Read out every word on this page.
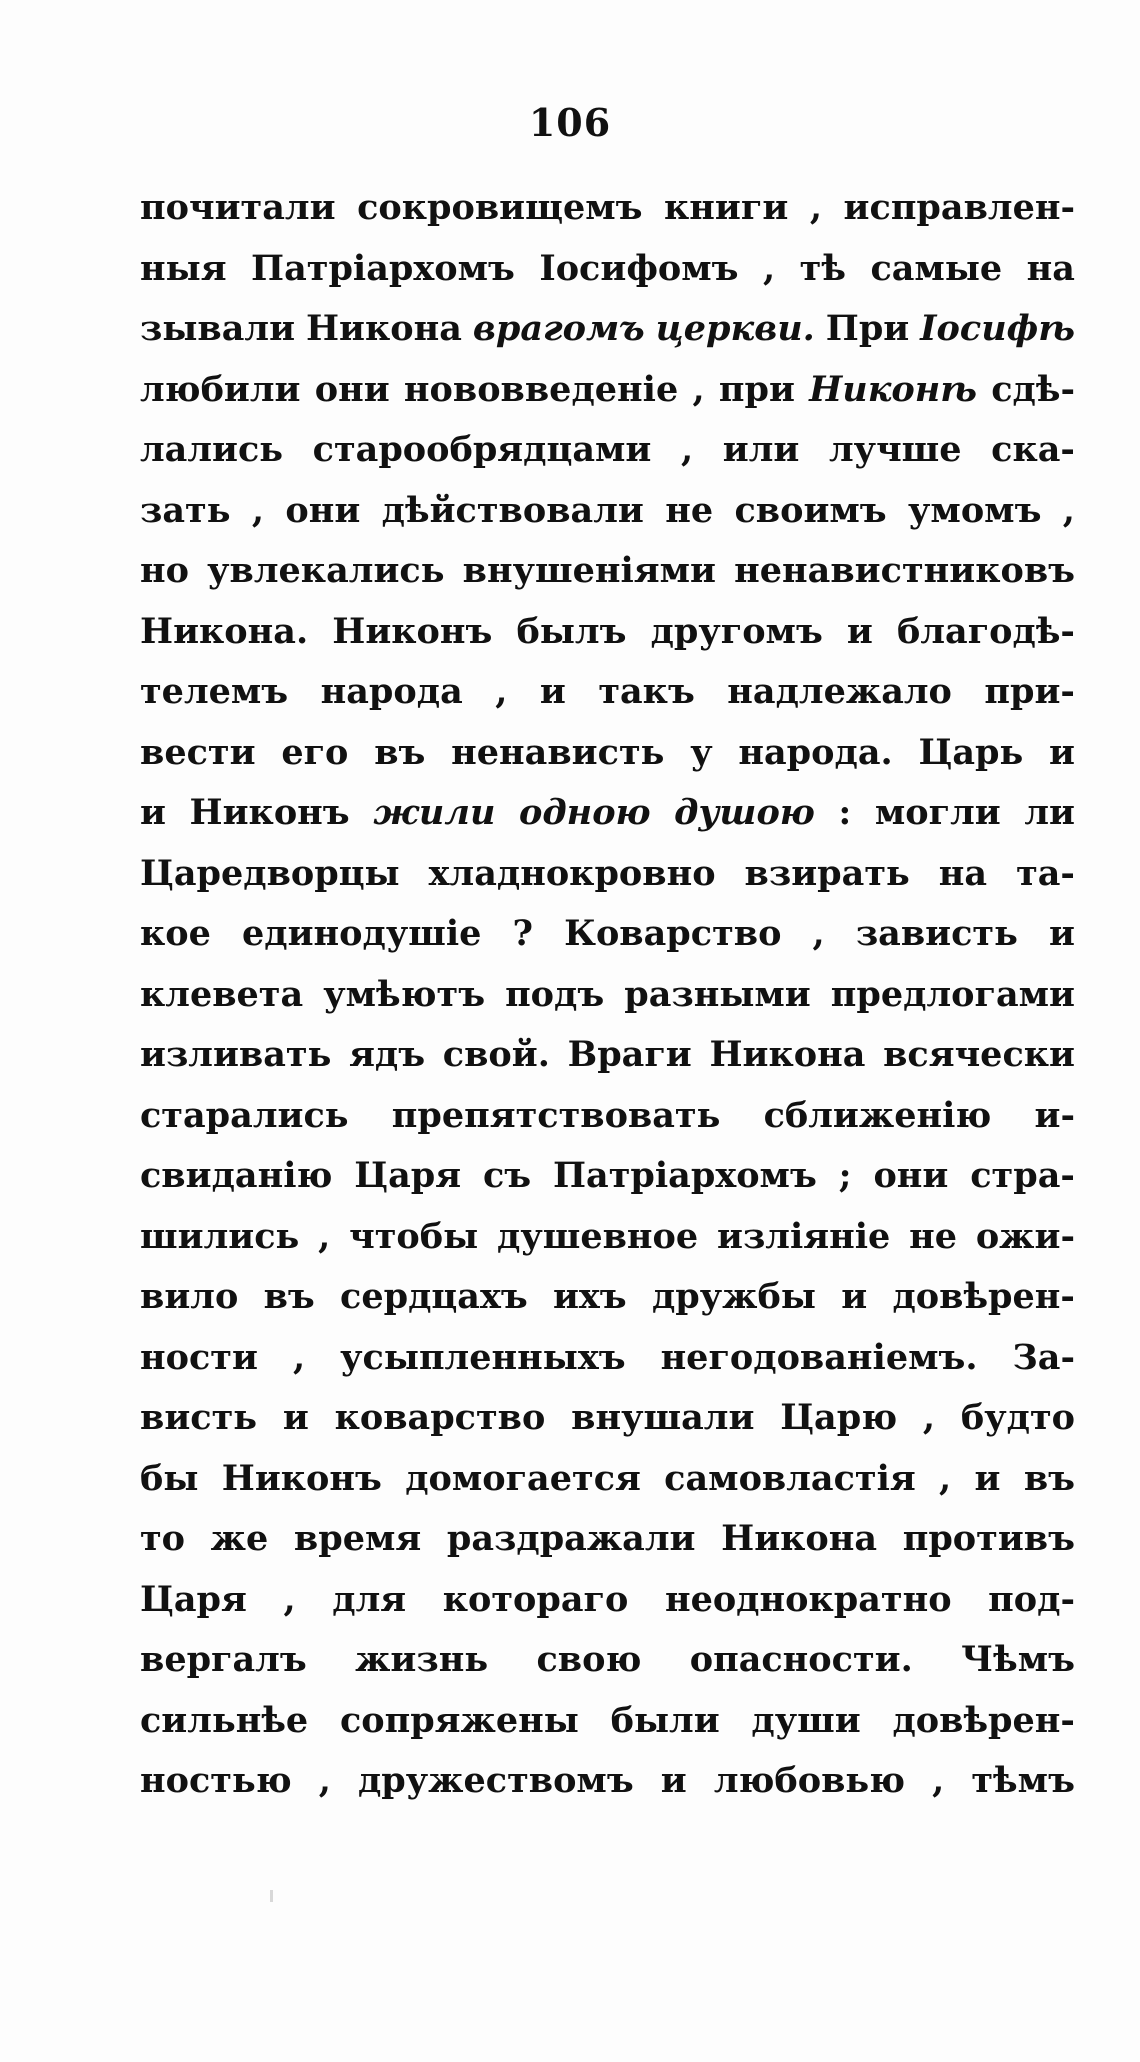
106
почитали сокровищемъ книги , исправлен-
ныя Патріархомъ Іосифомъ , тѣ самые на
зывали Никона врагомъ церкви. При Іосифѣ
любили они нововведеніе , при Никонѣ сдѣ-
лались старообрядцами , или лучше ска-
зать , они дѣйствовали не своимъ умомъ ,
но увлекались внушеніями ненавистниковъ
Никона. Никонъ былъ другомъ и благодѣ-
телемъ народа , и такъ надлежало при-
вести его въ ненависть у народа. Царь и
и Никонъ жили одною душою : могли ли
Царедворцы хладнокровно взирать на та-
кое единодушіе ? Коварство , зависть и
клевета умѣютъ подъ разными предлогами
изливать ядъ свой. Враги Никона всячески
старались препятствовать сближенію и-
свиданію Царя съ Патріархомъ ; они стра-
шились , чтобы душевное изліяніе не ожи-
вило въ сердцахъ ихъ дружбы и довѣрен-
ности , усыпленныхъ негодованіемъ. За-
висть и коварство внушали Царю , будто
бы Никонъ домогается самовластія , и въ
то же время раздражали Никона противъ
Царя , для котораго неоднократно под-
вергалъ жизнь свою опасности. Чѣмъ
сильнѣе сопряжены были души довѣрен-
ностью , дружествомъ и любовью , тѣмъ
